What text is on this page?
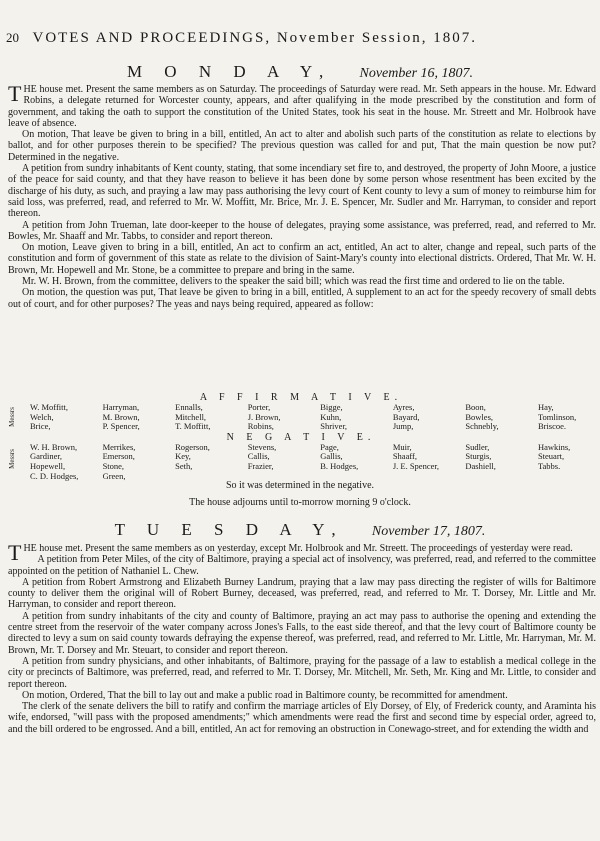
20 VOTES AND PROCEEDINGS, November Session, 1807.
M O N D A Y, November 16, 1807.

THE house met. Present the same members as on Saturday. The proceedings of Saturday were read. Mr. Seth appears in the house. Mr. Edward Robins, a delegate returned for Worcester county, appears, and after qualifying in the mode prescribed by the constitution and form of government, and taking the oath to support the constitution of the United States, took his seat in the house. Mr. Streett and Mr. Holbrook have leave of absence.

On motion, That leave be given to bring in a bill, entitled, An act to alter and abolish such parts of the constitution as relate to elections by ballot, and for other purposes therein to be specified? The previous question was called for and put, That the main question be now put? Determined in the negative.

A petition from sundry inhabitants of Kent county, stating, that some incendiary set fire to, and destroyed, the property of John Moore, a justice of the peace for said county, and that they have reason to believe it has been done by some person whose resentment has been excited by the discharge of his duty, as such, and praying a law may pass authorising the levy court of Kent county to levy a sum of money to reimburse him for said loss, was preferred, read, and referred to Mr. W. Moffitt, Mr. Brice, Mr. J. E. Spencer, Mr. Sudler and Mr. Harryman, to consider and report thereon.

A petition from John Trueman, late door-keeper to the house of delegates, praying some assistance, was preferred, read, and referred to Mr. Bowles, Mr. Shaaff and Mr. Tabbs, to consider and report thereon.

On motion, Leave given to bring in a bill, entitled, An act to confirm an act, entitled, An act to alter, change and repeal, such parts of the constitution and form of government of this state as relate to the division of Saint-Mary's county into electional districts. Ordered, That Mr. W. H. Brown, Mr. Hopewell and Mr. Stone, be a committee to prepare and bring in the same.

Mr. W. H. Brown, from the committee, delivers to the speaker the said bill; which was read the first time and ordered to lie on the table.

On motion, the question was put, That leave be given to bring in a bill, entitled, A supplement to an act for the speedy recovery of small debts out of court, and for other purposes? The yeas and nays being required, appeared as follow:

A F F I R M A T I V E.
Messrs W. Moffitt,
Welch,
Brice,
Harryman,
M. Brown,
P. Spencer,
Ennalls,
Mitchell,
T. Moffitt,
Porter,
J. Brown,
Robins,
Bigge,
Kuhn,
Shriver,
Ayres,
Bayard,
Jump,
Boon,
Bowles,
Schnebly,
Hay,
Tomlinson,
Briscoe.
N E G A T I V E.
Messrs
W. H. Brown,
Gardiner,
Hopewell,
C. D. Hodges,
Merrikes,
Emerson,
Stone,
Green,
Rogerson,
Key,
Seth,

Stevens,
Callis,
Frazier,

Page,
Gallis,
B. Hodges,

Muir,
Shaaff,
J. E. Spencer,

Sudler,
Sturgis,
Dashiell,

Hawkins,
Steuart,
Tabbs.

So it was determined in the negative.
The house adjourns until to-morrow morning 9 o'clock.
T U E S D A Y, November 17, 1807.

THE house met. Present the same members as on yesterday, except Mr. Holbrook and Mr. Streett. The proceedings of yesterday were read.

A petition from Peter Miles, of the city of Baltimore, praying a special act of insolvency, was preferred, read, and referred to the committee appointed on the petition of Nathaniel L. Chew.

A petition from Robert Armstrong and Elizabeth Burney Landrum, praying that a law may pass directing the register of wills for Baltimore county to deliver them the original will of Robert Burney, deceased, was preferred, read, and referred to Mr. T. Dorsey, Mr. Little and Mr. Harryman, to consider and report thereon.

A petition from sundry inhabitants of the city and county of Baltimore, praying an act may pass to authorise the opening and extending the centre street from the reservoir of the water company across Jones's Falls, to the east side thereof, and that the levy court of Baltimore county be directed to levy a sum on said county towards defraying the expense thereof, was preferred, read, and referred to Mr. Little, Mr. Harryman, Mr. M. Brown, Mr. T. Dorsey and Mr. Steuart, to consider and report thereon.

A petition from sundry physicians, and other inhabitants, of Baltimore, praying for the passage of a law to establish a medical college in the city or precincts of Baltimore, was preferred, read, and referred to Mr. T. Dorsey, Mr. Mitchell, Mr. Seth, Mr. King and Mr. Little, to consider and report thereon.

On motion, Ordered, That the bill to lay out and make a public road in Baltimore county, be recommitted for amendment.

The clerk of the senate delivers the bill to ratify and confirm the marriage articles of Ely Dorsey, of Ely, of Frederick county, and Araminta his wife, endorsed, "will pass with the proposed amendments;" which amendments were read the first and second time by especial order, agreed to, and the bill ordered to be engrossed. And a bill, entitled, An act for removing an obstruction in Conewago-street, and for extending the width and
